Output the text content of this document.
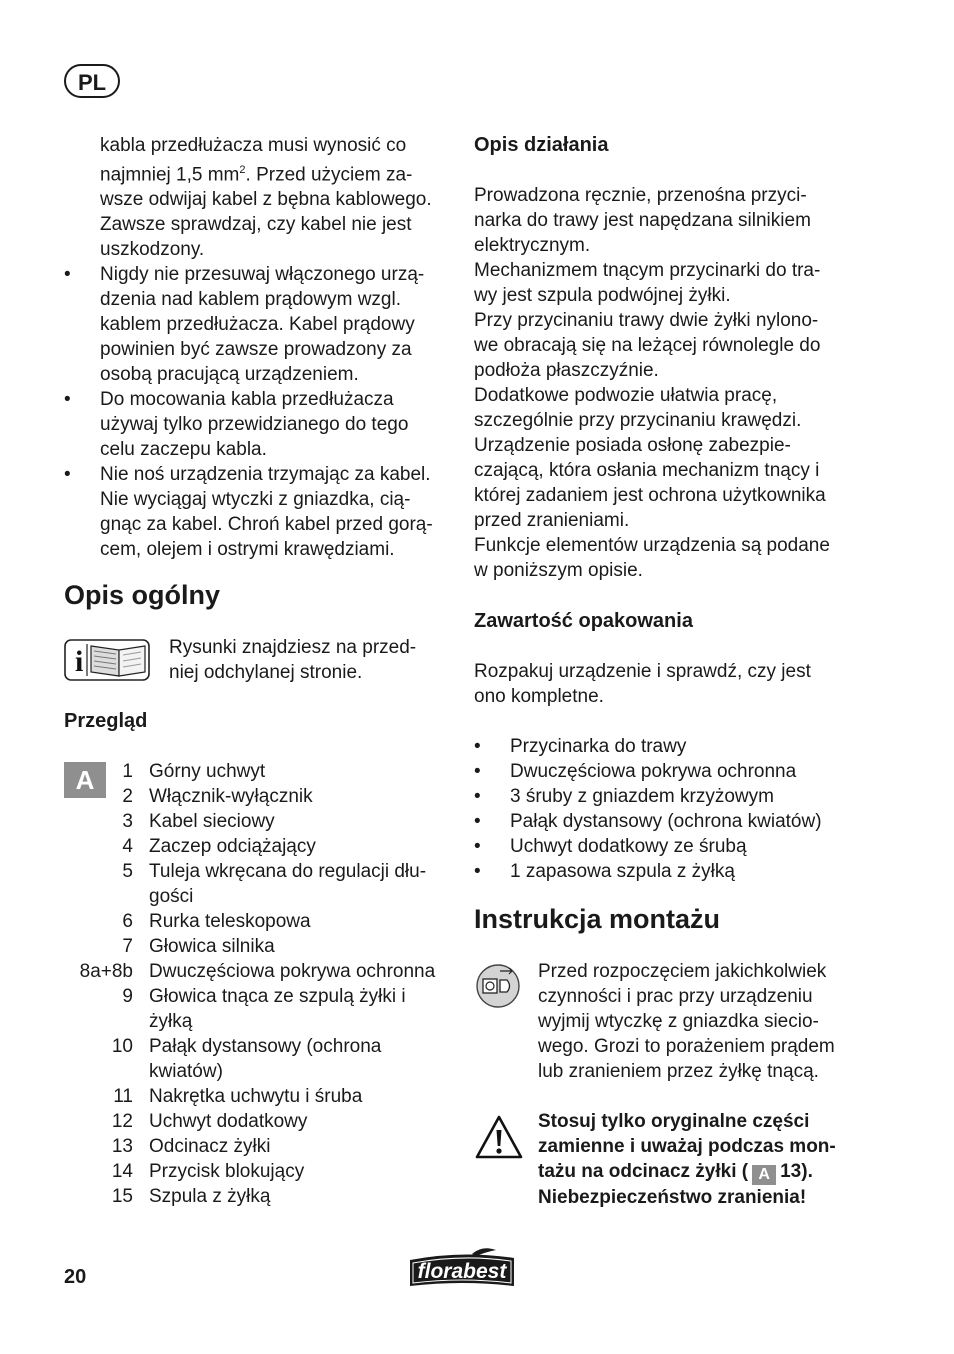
PL
kabla przedłużacza musi wynosić co
najmniej 1,5 $mm^2$. Przed użyciem za-
wsze odwijaj kabel z bębna kablowego.
Zawsze sprawdzaj, czy kabel nie jest
uszkodzony.
• Nigdy nie przesuwaj włączonego urzą-
dzenia nad kablem prądowym wzgl.
kablem przedłużacza. Kabel prądowy
powinien być zawsze prowadzony za
osobą pracującą urządzeniem.
• Do mocowania kabla przedłużacza
używaj tylko przewidzianego do tego
celu zaczepu kabla.
• Nie noś urządzenia trzymając za kabel.
Nie wyciągaj wtyczki z gniazdka, cią-
gnąc za kabel. Chroń kabel przed gorą-
cem, olejem i ostrymi krawędziami.
Opis ogólny
i	Rysunki znajdziesz na przed-
niej odchylanej stronie.
Przegląd
A	1 Górny uchwyt
2 Włącznik-wyłącznik
3 Kabel sieciowy
4 Zaczep odciążający
5 Tuleja wkręcana do regulacji dłu-
gości
6 Rurka teleskopowa
7 Głowica silnika
8a+8b Dwuczęściowa pokrywa ochronna
9 Głowica tnąca ze szpulą żyłki i
żyłką
10 Pałąk dystansowy (ochrona
kwiatów)
11 Nakrętka uchwytu i śruba
12 Uchwyt dodatkowy
13 Odcinacz żyłki
14 Przycisk blokujący
15 Szpula z żyłką
Opis działania
Prowadzona ręcznie, przenośna przyci-
narka do trawy jest napędzana silnikiem
elektrycznym.
Mechanizmem tnącym przycinarki do tra-
wy jest szpula podwójnej żyłki.
Przy przycinaniu trawy dwie żyłki nylono-
we obracają się na leżącej równolegle do
podłoża płaszczyźnie.
Dodatkowe podwozie ułatwia pracę,
szczególnie przy przycinaniu krawędzi.
Urządzenie posiada osłonę zabezpie-
czającą, która osłania mechanizm tnący i
której zadaniem jest ochrona użytkownika
przed zranieniami.
Funkcje elementów urządzenia są podane
w poniższym opisie.
Zawartość opakowania
Rozpakuj urządzenie i sprawdź, czy jest
ono kompletne.
• Przycinarka do trawy
• Dwuczęściowa pokrywa ochronna
• 3 śruby z gniazdem krzyżowym
• Pałąk dystansowy (ochrona kwiatów)
• Uchwyt dodatkowy ze śrubą
• 1 zapasowa szpula z żyłką
Instrukcja montażu
Przed rozpoczęciem jakichkolwiek
czynności i prac przy urządzeniu
wyjmij wtyczkę z gniazdka siecio-
wego. Grozi to porażeniem prądem
lub zranieniem przez żyłkę tnącą.
Stosuj tylko oryginalne części
zamienne i uważaj podczas mon-
tażu na odcinacz żyłki ( A 13).
Niebezpieczeństwo zranienia!
20	florabest
